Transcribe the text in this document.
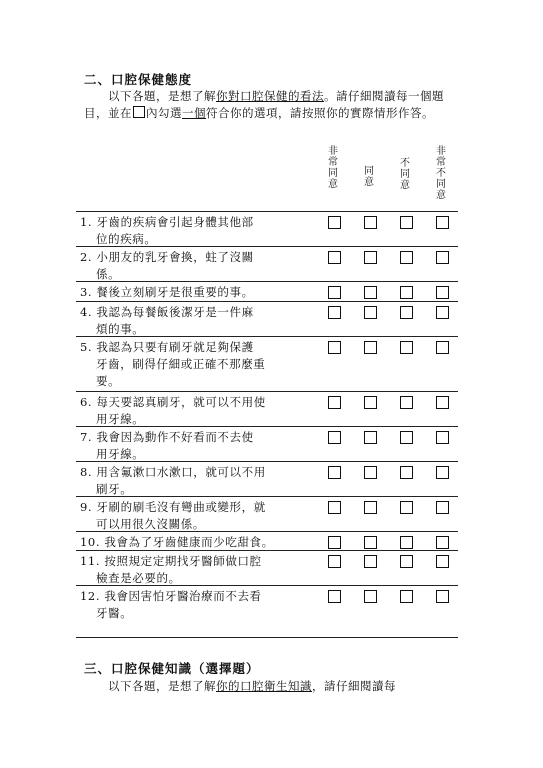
二、口腔保健態度
　　以下各題，是想了解你對口腔保健的看法。請仔細閱讀每一個題目，並在 內勾選一個符合你的選項，請按照你的實際情形作答。
非常同意
同意
不同意
非常不同意
1. 牙齒的疾病會引起身體其他部
位的疾病。
2. 小朋友的乳牙會換，蛀了沒關
係。
3. 餐後立刻刷牙是很重要的事。
4. 我認為每餐飯後潔牙是一件麻
煩的事。
5. 我認為只要有刷牙就足夠保護
牙齒，刷得仔細或正確不那麼重
要。
6. 每天要認真刷牙，就可以不用使
用牙線。
7. 我會因為動作不好看而不去使
用牙線。
8. 用含氟漱口水漱口，就可以不用
刷牙。
9. 牙刷的刷毛沒有彎曲或變形，就
可以用很久沒關係。
10. 我會為了牙齒健康而少吃甜食。
11. 按照規定定期找牙醫師做口腔
檢查是必要的。
12. 我會因害怕牙醫治療而不去看
牙醫。
三、口腔保健知識（選擇題）
　　以下各題，是想了解你的口腔衛生知識，請仔細閱讀每
